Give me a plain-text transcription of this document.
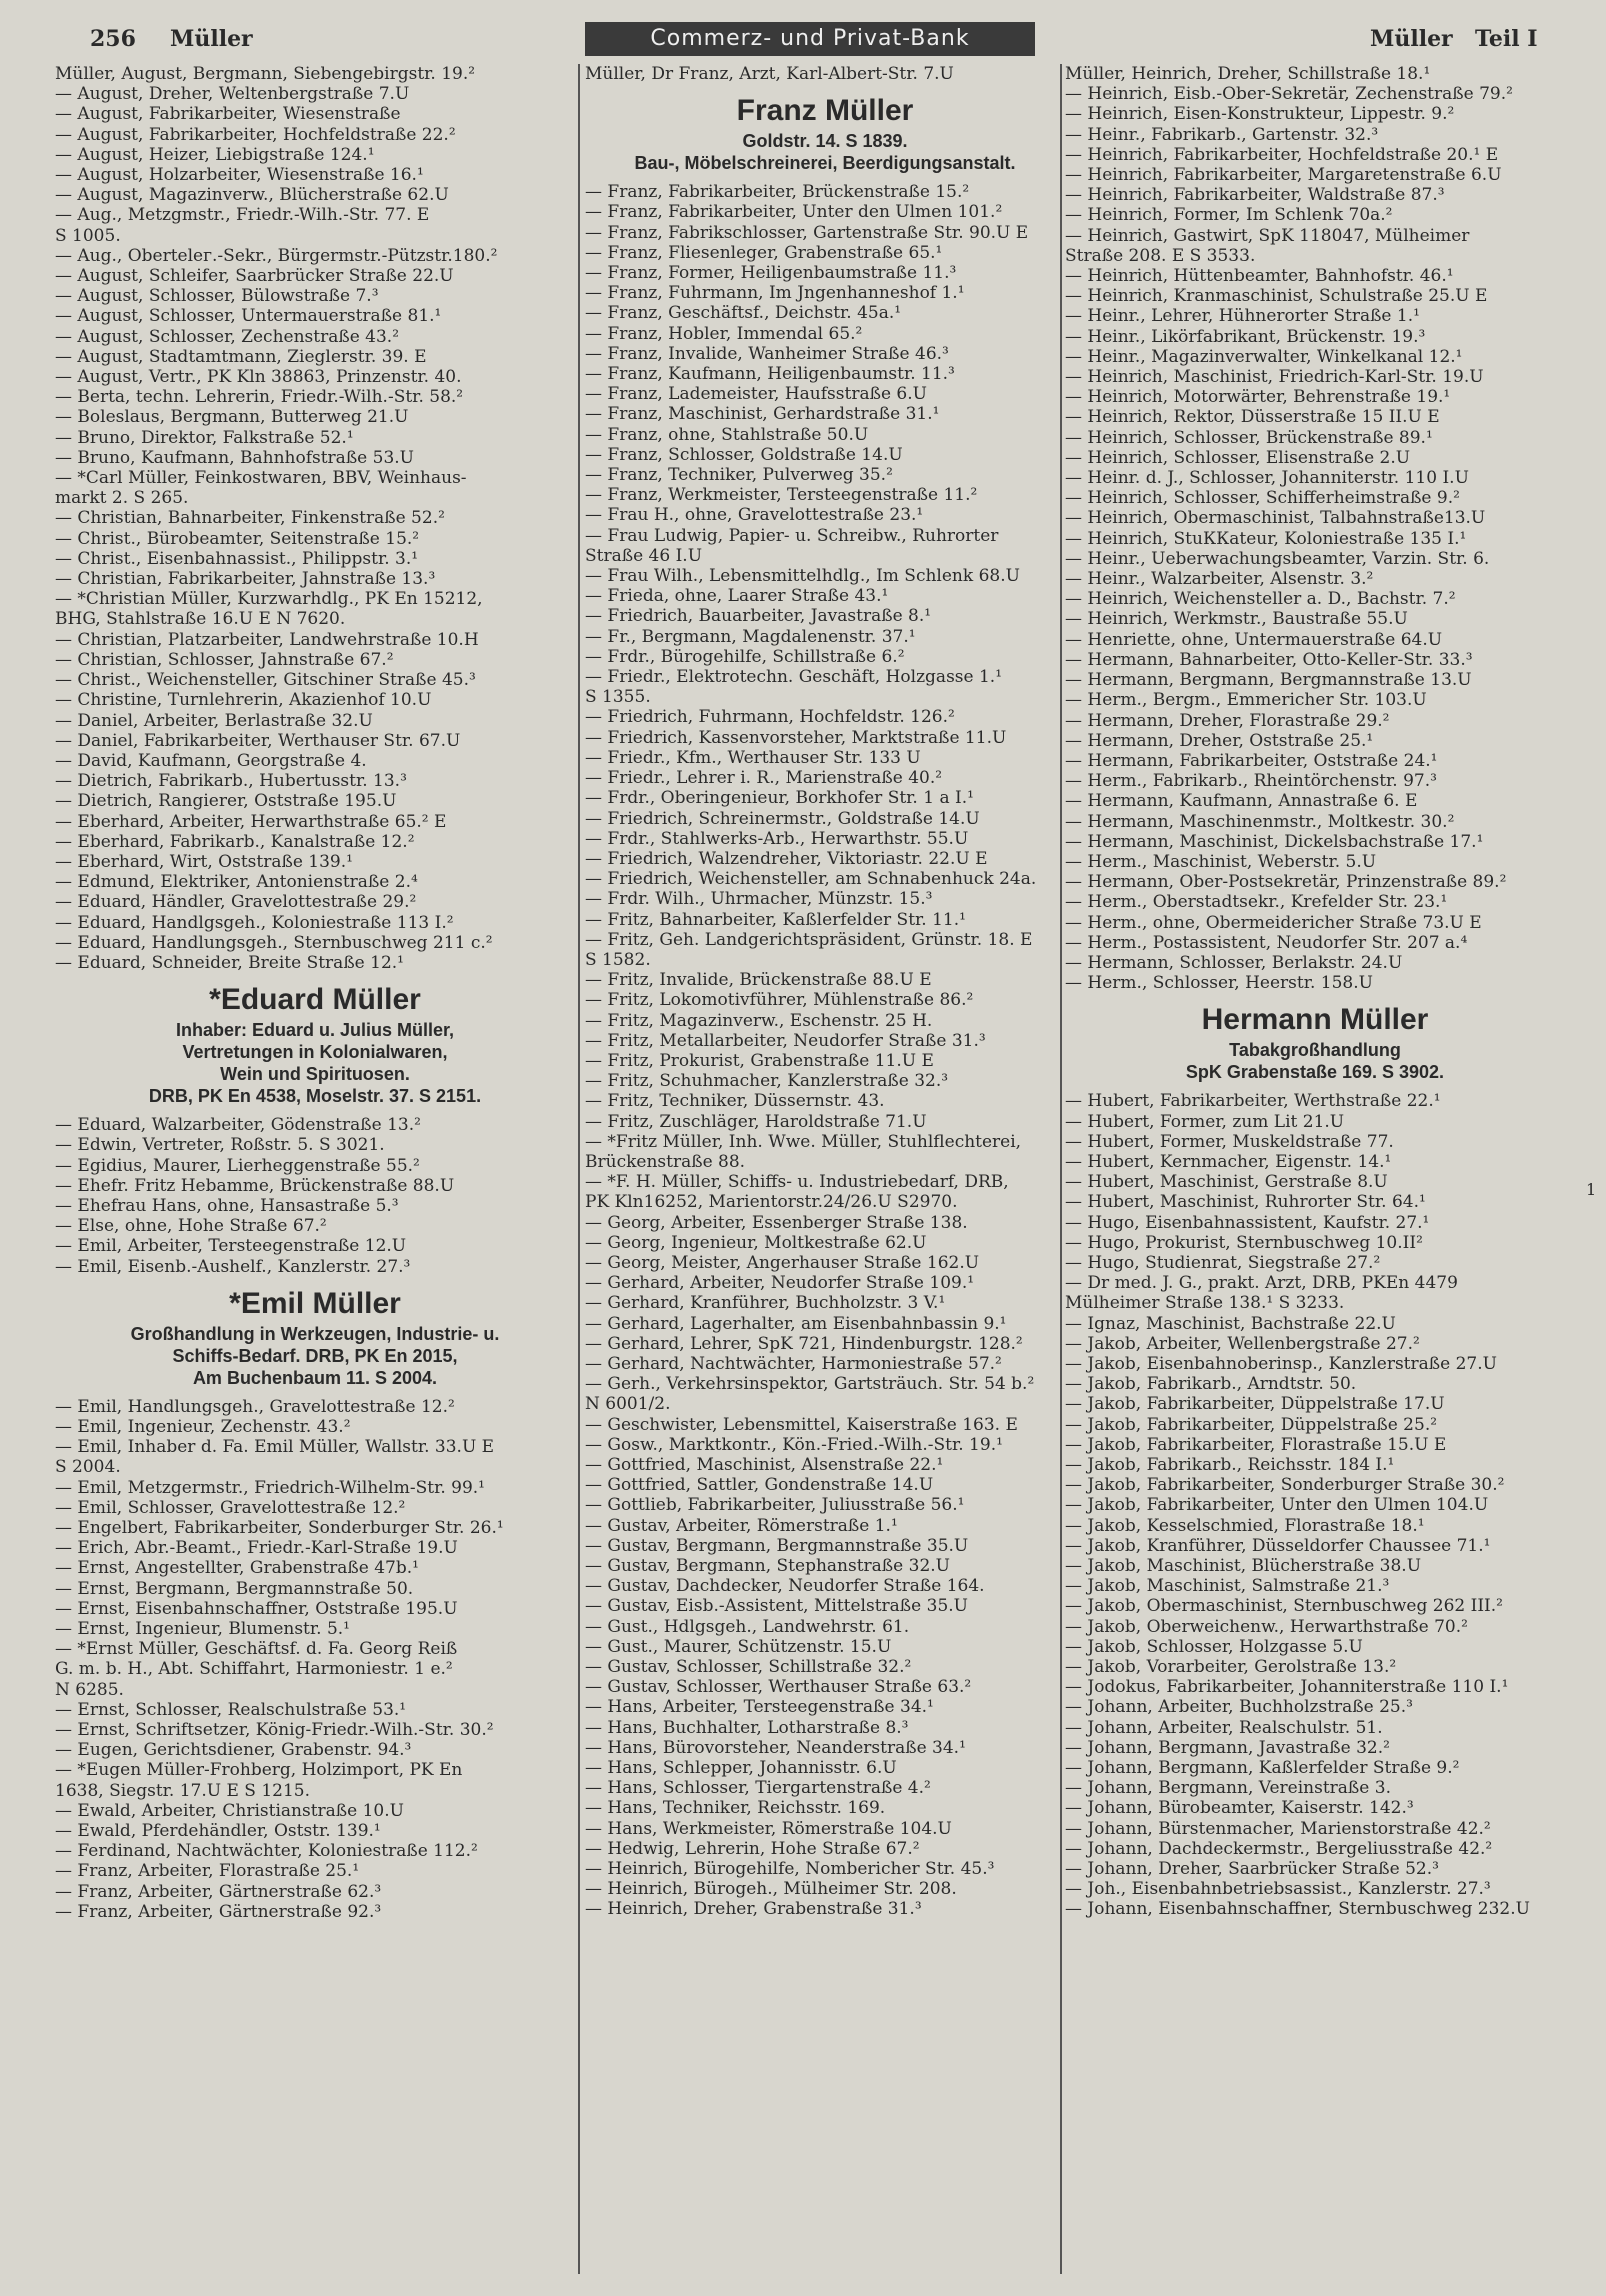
256 Müller	Commerz- und Privat-Bank	Müller Teil I
Müller, August, Bergmann, Siebengebirgstr. 19.²
— August, Dreher, Weltenbergstraße 7.U
— August, Fabrikarbeiter, Wiesenstraße
— August, Fabrikarbeiter, Hochfeldstraße 22.²
— August, Heizer, Liebigstraße 124.¹
— August, Holzarbeiter, Wiesenstraße 16.¹
— August, Magazinverw., Blücherstraße 62.U
— Aug., Metzgmstr., Friedr.-Wilh.-Str. 77. E
S 1005.
— Aug., Obertelег.-Sekr., Bürgermstr.-Pützstr.180.²
— August, Schleifer, Saarbrücker Straße 22.U
— August, Schlosser, Bülowstraße 7.³
— August, Schlosser, Untermauerstraße 81.¹
— August, Schlosser, Zechenstraße 43.²
— August, Stadtamtmann, Zieglerstr. 39. E
— August, Vertr., PK Kln 38863, Prinzenstr. 40.
— Berta, techn. Lehrerin, Friedr.-Wilh.-Str. 58.²
— Boleslaus, Bergmann, Butterweg 21.U
— Bruno, Direktor, Falkstraße 52.¹
— Bruno, Kaufmann, Bahnhofstraße 53.U
— *Carl Müller, Feinkostwaren, BBV, Weinhaus-
markt 2. S 265.
— Christian, Bahnarbeiter, Finkenstraße 52.²
— Christ., Bürobeamter, Seitenstraße 15.²
— Christ., Eisenbahnassist., Philippstr. 3.¹
— Christian, Fabrikarbeiter, Jahnstraße 13.³
— *Christian Müller, Kurzwarhdlg., PK En 15212,
BHG, Stahlstraße 16.U E N 7620.
— Christian, Platzarbeiter, Landwehrstraße 10.H
— Christian, Schlosser, Jahnstraße 67.²
— Christ., Weichensteller, Gitschiner Straße 45.³
— Christine, Turnlehrerin, Akazienhof 10.U
— Daniel, Arbeiter, Berlastraße 32.U
— Daniel, Fabrikarbeiter, Werthauser Str. 67.U
— David, Kaufmann, Georgstraße 4.
— Dietrich, Fabrikarb., Hubertusstr. 13.³
— Dietrich, Rangierer, Oststraße 195.U
— Eberhard, Arbeiter, Herwarthstraße 65.² E
— Eberhard, Fabrikarb., Kanalstraße 12.²
— Eberhard, Wirt, Oststraße 139.¹
— Edmund, Elektriker, Antonienstraße 2.⁴
— Eduard, Händler, Gravelottestraße 29.²
— Eduard, Handlgsgeh., Koloniestraße 113 I.²
— Eduard, Handlungsgeh., Sternbuschweg 211 c.²
— Eduard, Schneider, Breite Straße 12.¹
*Eduard Müller
Inhaber: Eduard u. Julius Müller,
Vertretungen in Kolonialwaren,
Wein und Spirituosen.
DRB, PK En 4538, Moselstr. 37. S 2151.
— Eduard, Walzarbeiter, Gödenstraße 13.²
— Edwin, Vertreter, Roßstr. 5. S 3021.
— Egidius, Maurer, Lierheggenstraße 55.²
— Ehefr. Fritz Hebamme, Brückenstraße 88.U
— Ehefrau Hans, ohne, Hansastraße 5.³
— Else, ohne, Hohe Straße 67.²
— Emil, Arbeiter, Tersteegenstraße 12.U
— Emil, Eisenb.-Aushelf., Kanzlerstr. 27.³
*Emil Müller
Großhandlung in Werkzeugen, Industrie- u.
Schiffs-Bedarf. DRB, PK En 2015,
Am Buchenbaum 11. S 2004.
— Emil, Handlungsgeh., Gravelottestraße 12.²
— Emil, Ingenieur, Zechenstr. 43.²
— Emil, Inhaber d. Fa. Emil Müller, Wallstr. 33.U E
S 2004.
— Emil, Metzgermstr., Friedrich-Wilhelm-Str. 99.¹
— Emil, Schlosser, Gravelottestraße 12.²
— Engelbert, Fabrikarbeiter, Sonderburger Str. 26.¹
— Erich, Abr.-Beamt., Friedr.-Karl-Straße 19.U
— Ernst, Angestellter, Grabenstraße 47b.¹
— Ernst, Bergmann, Bergmannstraße 50.
— Ernst, Eisenbahnschaffner, Oststraße 195.U
— Ernst, Ingenieur, Blumenstr. 5.¹
— *Ernst Müller, Geschäftsf. d. Fa. Georg Reiß
G. m. b. H., Abt. Schiffahrt, Harmoniestr. 1 e.²
N 6285.
— Ernst, Schlosser, Realschulstraße 53.¹
— Ernst, Schriftsetzer, König-Friedr.-Wilh.-Str. 30.²
— Eugen, Gerichtsdiener, Grabenstr. 94.³
— *Eugen Müller-Frohberg, Holzimport, PK En
1638, Siegstr. 17.U E S 1215.
— Ewald, Arbeiter, Christianstraße 10.U
— Ewald, Pferdehändler, Oststr. 139.¹
— Ferdinand, Nachtwächter, Koloniestraße 112.²
— Franz, Arbeiter, Florastraße 25.¹
— Franz, Arbeiter, Gärtnerstraße 62.³
— Franz, Arbeiter, Gärtnerstraße 92.³
Müller, Dr Franz, Arzt, Karl-Albert-Str. 7.U
Franz Müller
Goldstr. 14. S 1839.
Bau-, Möbelschreinerei, Beerdigungsanstalt.
— Franz, Fabrikarbeiter, Brückenstraße 15.²
— Franz, Fabrikarbeiter, Unter den Ulmen 101.²
— Franz, Fabrikschlosser, Gartenstraße Str. 90.U E
— Franz, Fliesenleger, Grabenstraße 65.¹
— Franz, Former, Heiligenbaumstraße 11.³
— Franz, Fuhrmann, Im Jngenhanneshof 1.¹
— Franz, Geschäftsf., Deichstr. 45a.¹
— Franz, Hobler, Immendal 65.²
— Franz, Invalide, Wanheimer Straße 46.³
— Franz, Kaufmann, Heiligenbaumstr. 11.³
— Franz, Lademeister, Haufsstraße 6.U
— Franz, Maschinist, Gerhardstraße 31.¹
— Franz, ohne, Stahlstraße 50.U
— Franz, Schlosser, Goldstraße 14.U
— Franz, Techniker, Pulverweg 35.²
— Franz, Werkmeister, Tersteegenstraße 11.²
— Frau H., ohne, Gravelottestraße 23.¹
— Frau Ludwig, Papier- u. Schreibw., Ruhrorter
Straße 46 I.U
— Frau Wilh., Lebensmittelhdlg., Im Schlenk 68.U
— Frieda, ohne, Laarer Straße 43.¹
— Friedrich, Bauarbeiter, Javastraße 8.¹
— Fr., Bergmann, Magdalenenstr. 37.¹
— Frdr., Bürogehilfe, Schillstraße 6.²
— Friedr., Elektrotechn. Geschäft, Holzgasse 1.¹
S 1355.
— Friedrich, Fuhrmann, Hochfeldstr. 126.²
— Friedrich, Kassenvorsteher, Marktstraße 11.U
— Friedr., Kfm., Werthauser Str. 133 U
— Friedr., Lehrer i. R., Marienstraße 40.²
— Frdr., Oberingenieur, Borkhofer Str. 1 a I.¹
— Friedrich, Schreinermstr., Goldstraße 14.U
— Frdr., Stahlwerks-Arb., Herwarthstr. 55.U
— Friedrich, Walzendreher, Viktoriastr. 22.U E
— Friedrich, Weichensteller, am Schnabenhuck 24a.
— Frdr. Wilh., Uhrmacher, Münzstr. 15.³
— Fritz, Bahnarbeiter, Kaßlerfelder Str. 11.¹
— Fritz, Geh. Landgerichtspräsident, Grünstr. 18. E
S 1582.
— Fritz, Invalide, Brückenstraße 88.U E
— Fritz, Lokomotivführer, Mühlenstraße 86.²
— Fritz, Magazinverw., Eschenstr. 25 H.
— Fritz, Metallarbeiter, Neudorfer Straße 31.³
— Fritz, Prokurist, Grabenstraße 11.U E
— Fritz, Schuhmacher, Kanzlerstraße 32.³
— Fritz, Techniker, Düssernstr. 43.
— Fritz, Zuschläger, Haroldstraße 71.U
— *Fritz Müller, Inh. Wwe. Müller, Stuhlflechterei,
Brückenstraße 88.
— *F. H. Müller, Schiffs- u. Industriebedarf, DRB,
PK Kln16252, Marientorstr.24/26.U S2970.
— Georg, Arbeiter, Essenberger Straße 138.
— Georg, Ingenieur, Moltkestraße 62.U
— Georg, Meister, Angerhauser Straße 162.U
— Gerhard, Arbeiter, Neudorfer Straße 109.¹
— Gerhard, Kranführer, Buchholzstr. 3 V.¹
— Gerhard, Lagerhalter, am Eisenbahnbassin 9.¹
— Gerhard, Lehrer, SpK 721, Hindenburgstr. 128.²
— Gerhard, Nachtwächter, Harmoniestraße 57.²
— Gerh., Verkehrsinspektor, Gartsträuch. Str. 54 b.²
N 6001/2.
— Geschwister, Lebensmittel, Kaiserstraße 163. E
— Gosw., Marktkontr., Kön.-Fried.-Wilh.-Str. 19.¹
— Gottfried, Maschinist, Alsenstraße 22.¹
— Gottfried, Sattler, Gondenstraße 14.U
— Gottlieb, Fabrikarbeiter, Juliusstraße 56.¹
— Gustav, Arbeiter, Römerstraße 1.¹
— Gustav, Bergmann, Bergmannstraße 35.U
— Gustav, Bergmann, Stephanstraße 32.U
— Gustav, Dachdecker, Neudorfer Straße 164.
— Gustav, Eisb.-Assistent, Mittelstraße 35.U
— Gust., Hdlgsgeh., Landwehrstr. 61.
— Gust., Maurer, Schützenstr. 15.U
— Gustav, Schlosser, Schillstraße 32.²
— Gustav, Schlosser, Werthauser Straße 63.²
— Hans, Arbeiter, Tersteegenstraße 34.¹
— Hans, Buchhalter, Lotharstraße 8.³
— Hans, Bürovorsteher, Neanderstraße 34.¹
— Hans, Schlepper, Johannisstr. 6.U
— Hans, Schlosser, Tiergartenstraße 4.²
— Hans, Techniker, Reichsstr. 169.
— Hans, Werkmeister, Römerstraße 104.U
— Hedwig, Lehrerin, Hohe Straße 67.²
— Heinrich, Bürogehilfe, Nombericher Str. 45.³
— Heinrich, Bürogeh., Mülheimer Str. 208.
— Heinrich, Dreher, Grabenstraße 31.³
Müller, Heinrich, Dreher, Schillstraße 18.¹
— Heinrich, Eisb.-Ober-Sekretär, Zechenstraße 79.²
— Heinrich, Eisen-Konstrukteur, Lippestr. 9.²
— Heinr., Fabrikarb., Gartenstr. 32.³
— Heinrich, Fabrikarbeiter, Hochfeldstraße 20.¹ E
— Heinrich, Fabrikarbeiter, Margaretenstraße 6.U
— Heinrich, Fabrikarbeiter, Waldstraße 87.³
— Heinrich, Former, Im Schlenk 70a.²
— Heinrich, Gastwirt, SpK 118047, Mülheimer
Straße 208. E S 3533.
— Heinrich, Hüttenbeamter, Bahnhofstr. 46.¹
— Heinrich, Kranmaschinist, Schulstraße 25.U E
— Heinr., Lehrer, Hühnerorter Straße 1.¹
— Heinr., Likörfabrikant, Brückenstr. 19.³
— Heinr., Magazinverwalter, Winkelkanal 12.¹
— Heinrich, Maschinist, Friedrich-Karl-Str. 19.U
— Heinrich, Motorwärter, Behrenstraße 19.¹
— Heinrich, Rektor, Düsserstraße 15 II.U E
— Heinrich, Schlosser, Brückenstraße 89.¹
— Heinrich, Schlosser, Elisenstraße 2.U
— Heinr. d. J., Schlosser, Johanniterstr. 110 I.U
— Heinrich, Schlosser, Schifferheimstraße 9.²
— Heinrich, Obermaschinist, Talbahnstraße13.U
— Heinrich, StuККateur, Koloniestraße 135 I.¹
— Heinr., Ueberwachungsbeamter, Varzin. Str. 6.
— Heinr., Walzarbeiter, Alsenstr. 3.²
— Heinrich, Weichensteller a. D., Bachstr. 7.²
— Heinrich, Werkmstr., Baustraße 55.U
— Henriette, ohne, Untermauerstraße 64.U
— Hermann, Bahnarbeiter, Otto-Keller-Str. 33.³
— Hermann, Bergmann, Bergmannstraße 13.U
— Herm., Bergm., Emmericher Str. 103.U
— Hermann, Dreher, Florastraße 29.²
— Hermann, Dreher, Oststraße 25.¹
— Hermann, Fabrikarbeiter, Oststraße 24.¹
— Herm., Fabrikarb., Rheintörchenstr. 97.³
— Hermann, Kaufmann, Annastraße 6. E
— Hermann, Maschinenmstr., Moltkestr. 30.²
— Hermann, Maschinist, Dickelsbachstraße 17.¹
— Herm., Maschinist, Weberstr. 5.U
— Hermann, Ober-Postsekretär, Prinzenstraße 89.²
— Herm., Oberstadtsekr., Krefelder Str. 23.¹
— Herm., ohne, Obermeidericher Straße 73.U E
— Herm., Postassistent, Neudorfer Str. 207 a.⁴
— Hermann, Schlosser, Berlakstr. 24.U
— Herm., Schlosser, Heerstr. 158.U
Hermann Müller
Tabakgroßhandlung
SpK Grabenstaße 169. S 3902.
— Hubert, Fabrikarbeiter, Werthstraße 22.¹
— Hubert, Former, zum Lit 21.U
— Hubert, Former, Muskeldstraße 77.
— Hubert, Kernmacher, Eigenstr. 14.¹
— Hubert, Maschinist, Gerstraße 8.U
— Hubert, Maschinist, Ruhrorter Str. 64.¹
— Hugo, Eisenbahnassistent, Kaufstr. 27.¹
— Hugo, Prokurist, Sternbuschweg 10.II²
— Hugo, Studienrat, Siegstraße 27.²
— Dr med. J. G., prakt. Arzt, DRB, PKEn 4479
Mülheimer Straße 138.¹ S 3233.
— Ignaz, Maschinist, Bachstraße 22.U
— Jakob, Arbeiter, Wellenbergstraße 27.²
— Jakob, Eisenbahnoberinsp., Kanzlerstraße 27.U
— Jakob, Fabrikarb., Arndtstr. 50.
— Jakob, Fabrikarbeiter, Düppelstraße 17.U
— Jakob, Fabrikarbeiter, Düppelstraße 25.²
— Jakob, Fabrikarbeiter, Florastraße 15.U E
— Jakob, Fabrikarb., Reichsstr. 184 I.¹
— Jakob, Fabrikarbeiter, Sonderburger Straße 30.²
— Jakob, Fabrikarbeiter, Unter den Ulmen 104.U
— Jakob, Kesselschmied, Florastraße 18.¹
— Jakob, Kranführer, Düsseldorfer Chaussee 71.¹
— Jakob, Maschinist, Blücherstraße 38.U
— Jakob, Maschinist, Salmstraße 21.³
— Jakob, Obermaschinist, Sternbuschweg 262 III.²
— Jakob, Oberweichenw., Herwarthstraße 70.²
— Jakob, Schlosser, Holzgasse 5.U
— Jakob, Vorarbeiter, Gerolstraße 13.²
— Jodokus, Fabrikarbeiter, Johanniterstraße 110 I.¹
— Johann, Arbeiter, Buchholzstraße 25.³
— Johann, Arbeiter, Realschulstr. 51.
— Johann, Bergmann, Javastraße 32.²
— Johann, Bergmann, Kaßlerfelder Straße 9.²
— Johann, Bergmann, Vereinstraße 3.
— Johann, Bürobeamter, Kaiserstr. 142.³
— Johann, Bürstenmacher, Marienstorstraße 42.²
— Johann, Dachdeckermstr., Bergeliusstraße 42.²
— Johann, Dreher, Saarbrücker Straße 52.³
— Joh., Eisenbahnbetriebsassist., Kanzlerstr. 27.³
— Johann, Eisenbahnschaffner, Sternbuschweg 232.U
1
